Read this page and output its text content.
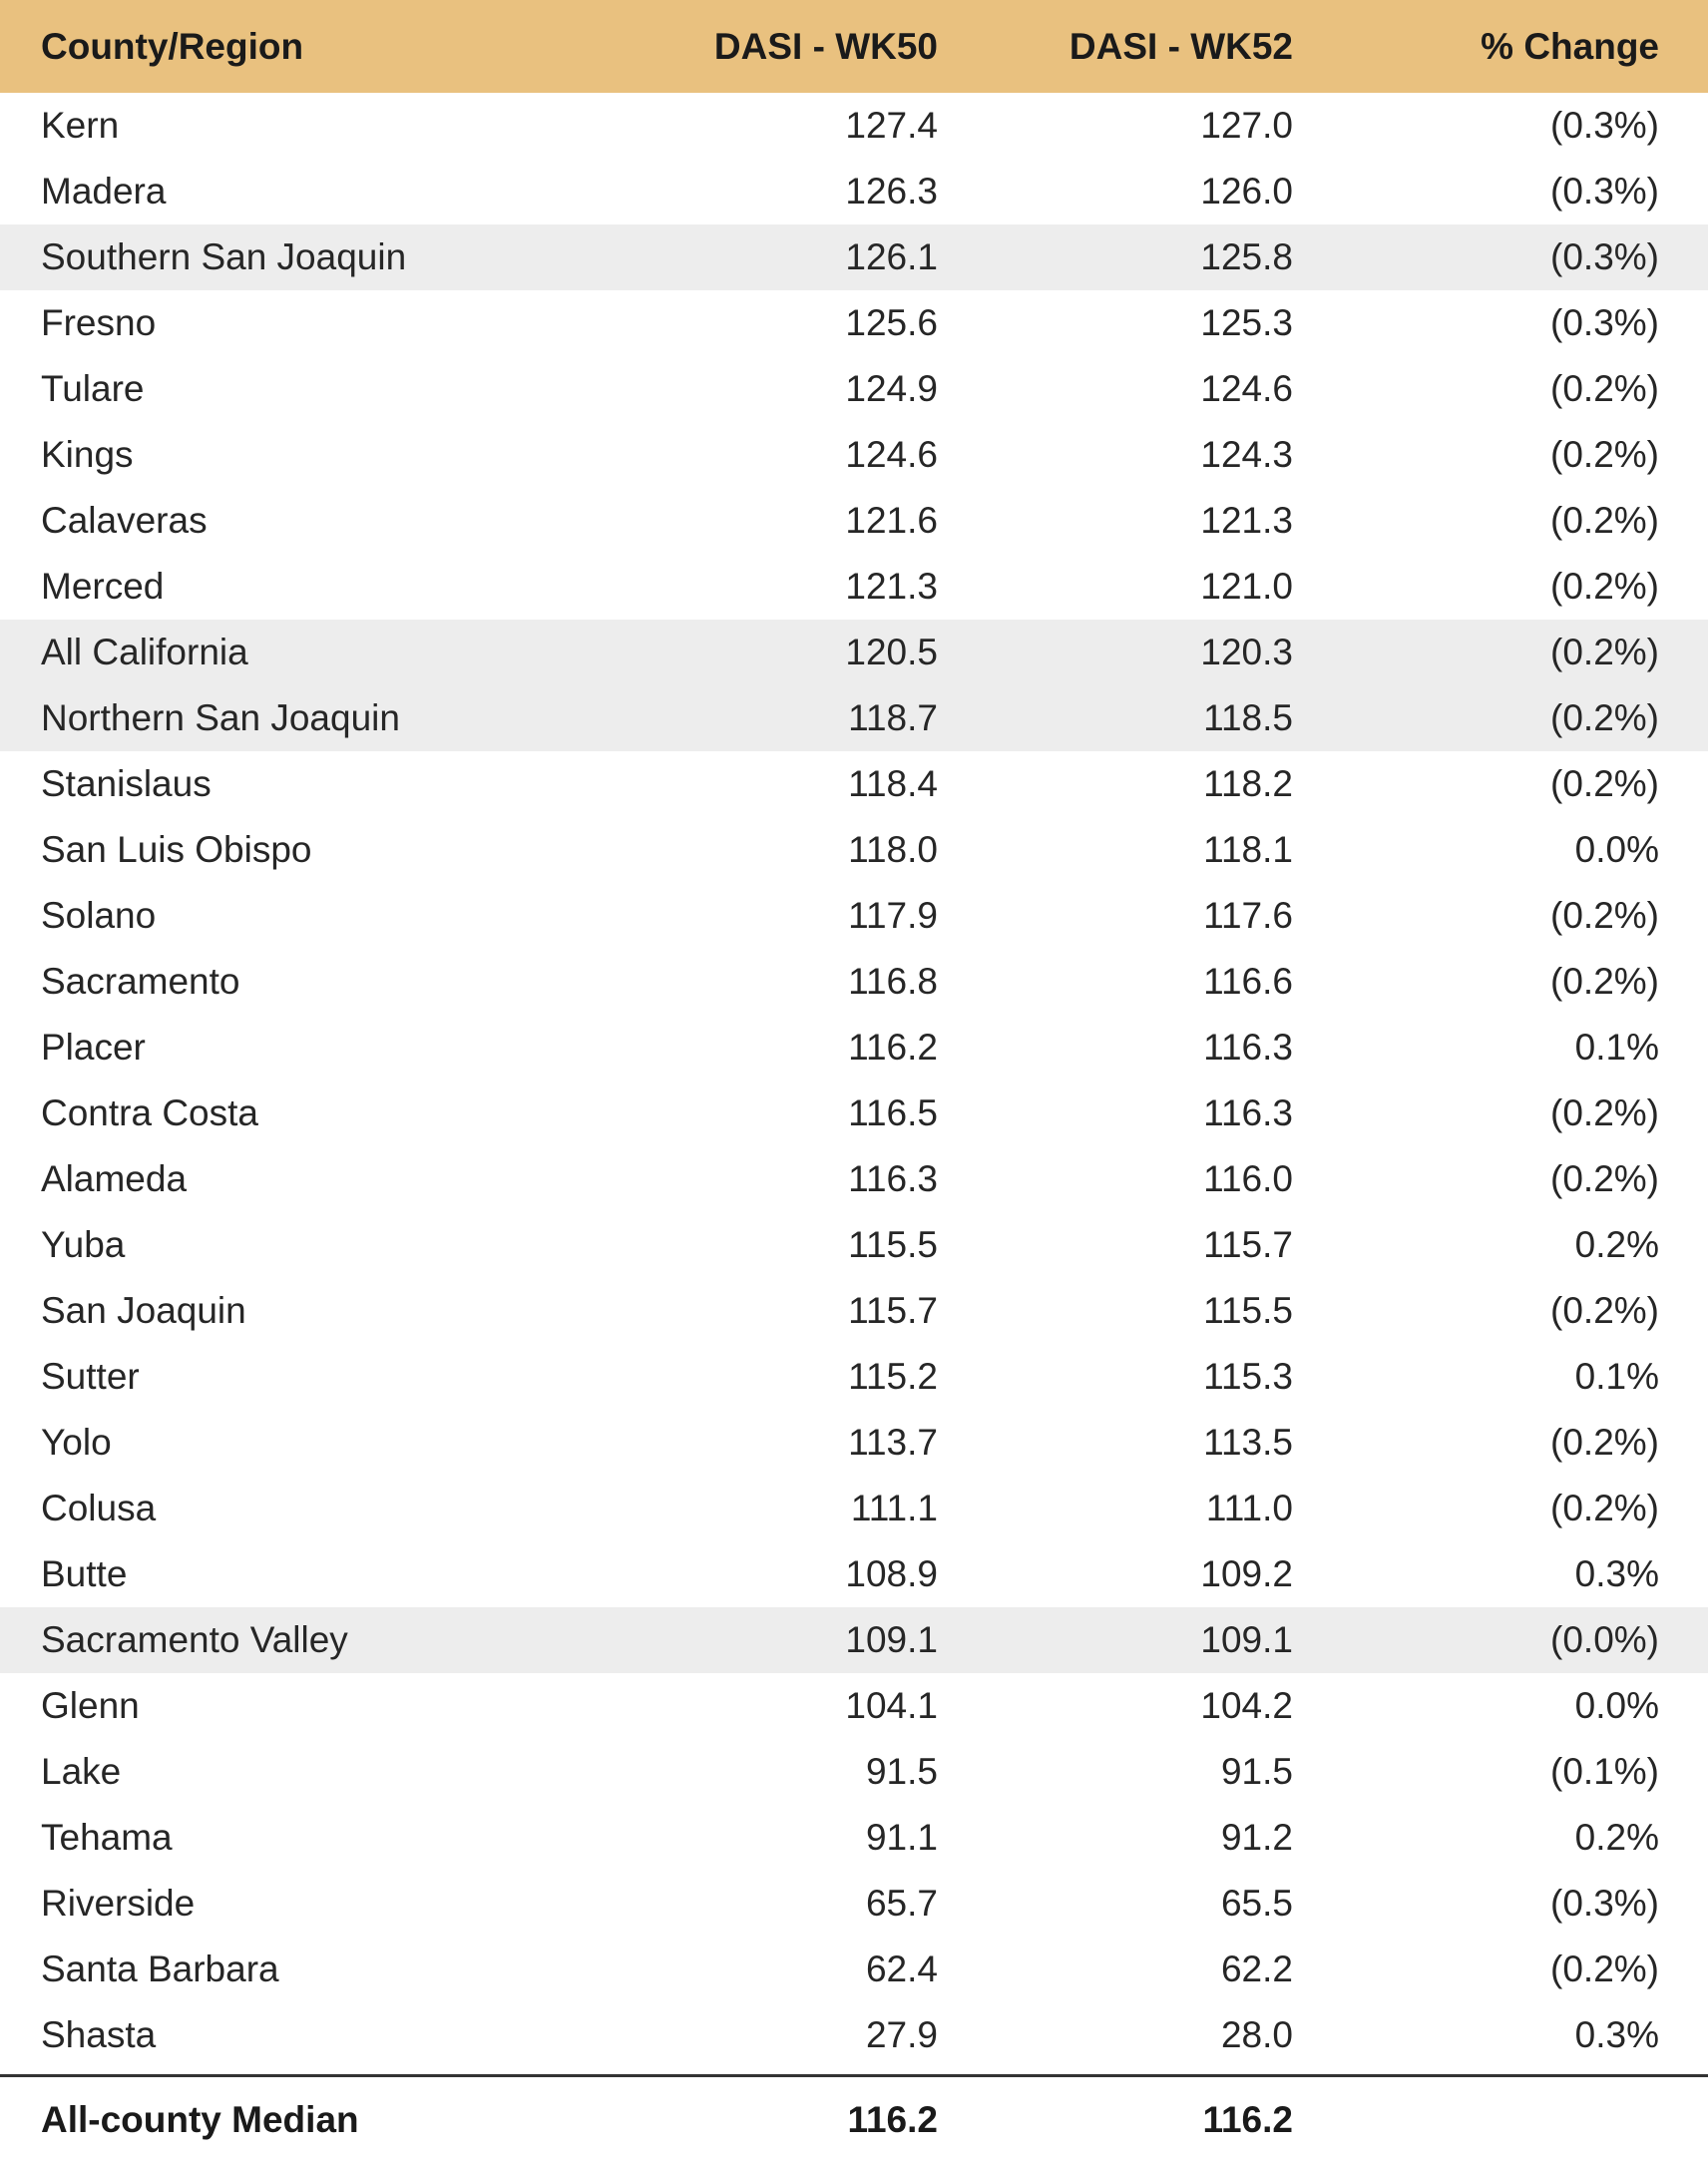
County/Region	DASI - WK50	DASI - WK52	% Change
Kern	127.4	127.0	(0.3%)
Madera	126.3	126.0	(0.3%)
Southern San Joaquin	126.1	125.8	(0.3%)
Fresno	125.6	125.3	(0.3%)
Tulare	124.9	124.6	(0.2%)
Kings	124.6	124.3	(0.2%)
Calaveras	121.6	121.3	(0.2%)
Merced	121.3	121.0	(0.2%)
All California	120.5	120.3	(0.2%)
Northern San Joaquin	118.7	118.5	(0.2%)
Stanislaus	118.4	118.2	(0.2%)
San Luis Obispo	118.0	118.1	0.0%
Solano	117.9	117.6	(0.2%)
Sacramento	116.8	116.6	(0.2%)
Placer	116.2	116.3	0.1%
Contra Costa	116.5	116.3	(0.2%)
Alameda	116.3	116.0	(0.2%)
Yuba	115.5	115.7	0.2%
San Joaquin	115.7	115.5	(0.2%)
Sutter	115.2	115.3	0.1%
Yolo	113.7	113.5	(0.2%)
Colusa	111.1	111.0	(0.2%)
Butte	108.9	109.2	0.3%
Sacramento Valley	109.1	109.1	(0.0%)
Glenn	104.1	104.2	0.0%
Lake	91.5	91.5	(0.1%)
Tehama	91.1	91.2	0.2%
Riverside	65.7	65.5	(0.3%)
Santa Barbara	62.4	62.2	(0.2%)
Shasta	27.9	28.0	0.3%
All-county Median	116.2	116.2
